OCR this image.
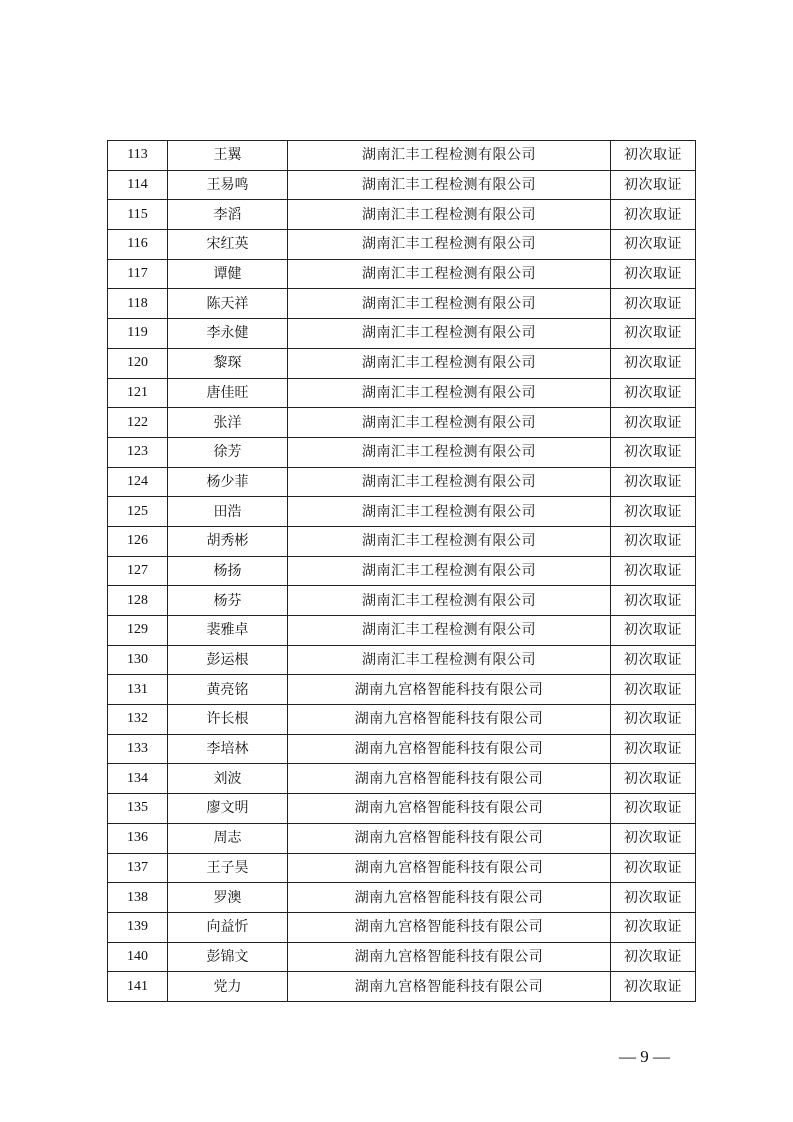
113	王翼	湖南汇丰工程检测有限公司	初次取证
114	王易鸣	湖南汇丰工程检测有限公司	初次取证
115	李滔	湖南汇丰工程检测有限公司	初次取证
116	宋红英	湖南汇丰工程检测有限公司	初次取证
117	谭健	湖南汇丰工程检测有限公司	初次取证
118	陈天祥	湖南汇丰工程检测有限公司	初次取证
119	李永健	湖南汇丰工程检测有限公司	初次取证
120	黎琛	湖南汇丰工程检测有限公司	初次取证
121	唐佳旺	湖南汇丰工程检测有限公司	初次取证
122	张洋	湖南汇丰工程检测有限公司	初次取证
123	徐芳	湖南汇丰工程检测有限公司	初次取证
124	杨少菲	湖南汇丰工程检测有限公司	初次取证
125	田浩	湖南汇丰工程检测有限公司	初次取证
126	胡秀彬	湖南汇丰工程检测有限公司	初次取证
127	杨扬	湖南汇丰工程检测有限公司	初次取证
128	杨芬	湖南汇丰工程检测有限公司	初次取证
129	裴雅卓	湖南汇丰工程检测有限公司	初次取证
130	彭运根	湖南汇丰工程检测有限公司	初次取证
131	黄亮铭	湖南九宫格智能科技有限公司	初次取证
132	许长根	湖南九宫格智能科技有限公司	初次取证
133	李培林	湖南九宫格智能科技有限公司	初次取证
134	刘波	湖南九宫格智能科技有限公司	初次取证
135	廖文明	湖南九宫格智能科技有限公司	初次取证
136	周志	湖南九宫格智能科技有限公司	初次取证
137	王子昊	湖南九宫格智能科技有限公司	初次取证
138	罗澳	湖南九宫格智能科技有限公司	初次取证
139	向益忻	湖南九宫格智能科技有限公司	初次取证
140	彭锦文	湖南九宫格智能科技有限公司	初次取证
141	党力	湖南九宫格智能科技有限公司	初次取证
— 9 —
